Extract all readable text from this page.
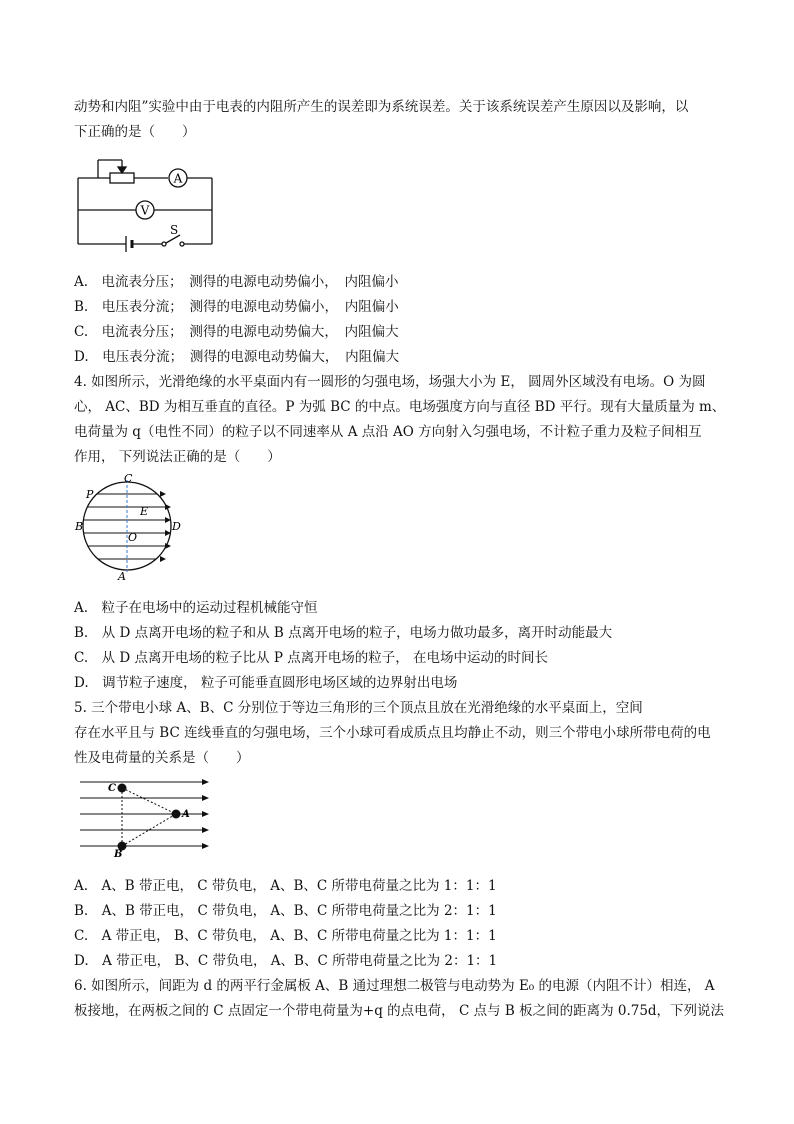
动势和内阻”实验中由于电表的内阻所产生的误差即为系统误差。关于该系统误差产生原因以及影响，以
下正确的是（　　）
A
V
S
A.　电流表分压；　测得的电源电动势偏小，　内阻偏小
B.　电压表分流；　测得的电源电动势偏小，　内阻偏小
C.　电流表分压；　测得的电源电动势偏大，　内阻偏大
D.　电压表分流；　测得的电源电动势偏大，　内阻偏大
4. 如图所示，光滑绝缘的水平桌面内有一圆形的匀强电场，场强大小为 E， 圆周外区域没有电场。O 为圆
心， AC、BD 为相互垂直的直径。P 为弧 BC 的中点。电场强度方向与直径 BD 平行。现有大量质量为 m、
电荷量为 q（电性不同）的粒子以不同速率从 A 点沿 AO 方向射入匀强电场，不计粒子重力及粒子间相互
作用， 下列说法正确的是（　　）
C
P
B	D
E
O
A
A.　粒子在电场中的运动过程机械能守恒
B.　从 D 点离开电场的粒子和从 B 点离开电场的粒子，电场力做功最多，离开时动能最大
C.　从 D 点离开电场的粒子比从 P 点离开电场的粒子， 在电场中运动的时间长
D.　调节粒子速度， 粒子可能垂直圆形电场区域的边界射出电场
5. 三个带电小球 A、B、C 分别位于等边三角形的三个顶点且放在光滑绝缘的水平桌面上，空间
存在水平且与 BC 连线垂直的匀强电场，三个小球可看成质点且均静止不动，则三个带电小球所带电荷的电
性及电荷量的关系是（　　）
C
A
B
A.　A、B 带正电， C 带负电， A、B、C 所带电荷量之比为 1：1：1
B.　A、B 带正电， C 带负电， A、B、C 所带电荷量之比为 2：1：1
C.　A 带正电， B、C 带负电， A、B、C 所带电荷量之比为 1：1：1
D.　A 带正电， B、C 带负电， A、B、C 所带电荷量之比为 2：1：1
6. 如图所示，间距为 d 的两平行金属板 A、B 通过理想二极管与电动势为 E₀ 的电源（内阻不计）相连， A
板接地，在两板之间的 C 点固定一个带电荷量为+q 的点电荷， C 点与 B 板之间的距离为 0.75d，下列说法
